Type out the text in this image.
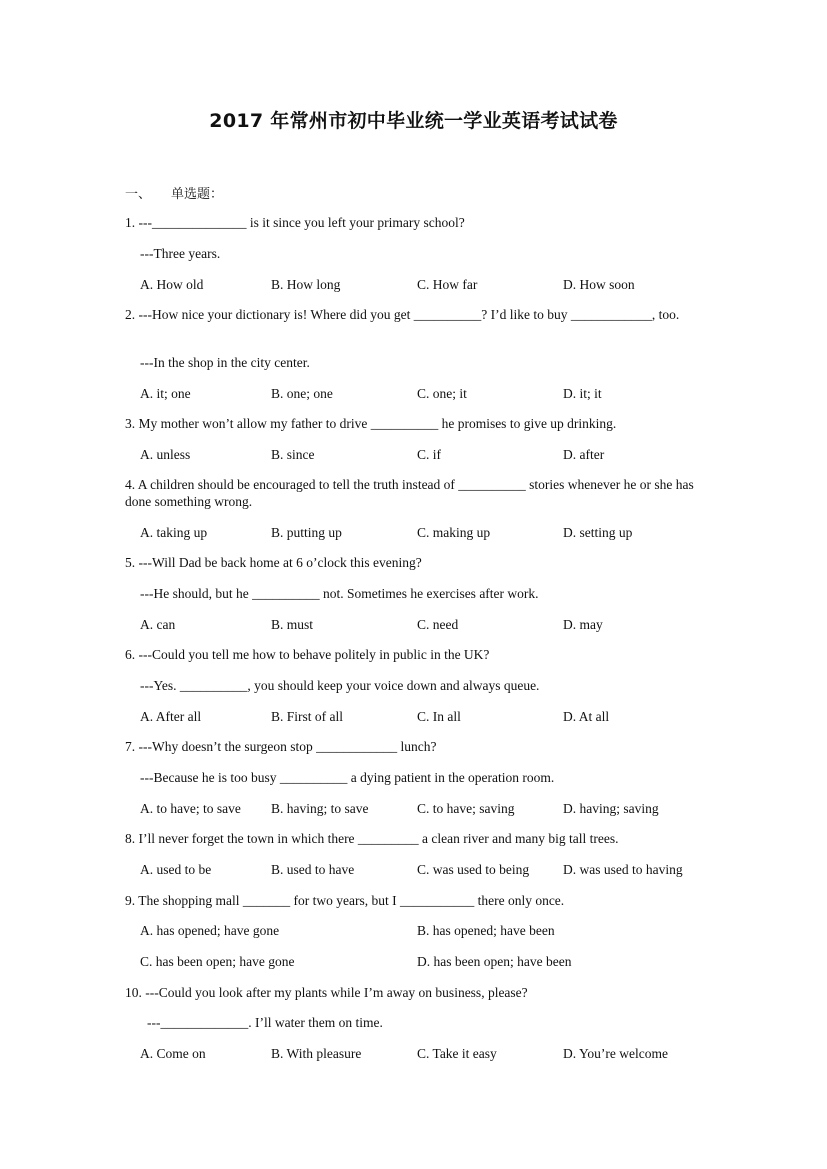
2017 年常州市初中毕业统一学业英语考试试卷
一、 单选题：
1. ---______________ is it since you left your primary school?
---Three years.
A. How old	B. How long	C. How far	D. How soon
2. ---How nice your dictionary is! Where did you get __________? I’d like to buy ____________, too.
---In the shop in the city center.
A. it; one	B. one; one	C. one; it	D. it; it
3. My mother won’t allow my father to drive __________ he promises to give up drinking.
A. unless	B. since	C. if	D. after
4. A children should be encouraged to tell the truth instead of __________ stories whenever he or she has done something wrong.
A. taking up	B. putting up	C. making up	D. setting up
5. ---Will Dad be back home at 6 o’clock this evening?
---He should, but he __________ not. Sometimes he exercises after work.
A. can	B. must	C. need	D. may
6. ---Could you tell me how to behave politely in public in the UK?
---Yes. __________, you should keep your voice down and always queue.
A. After all	B. First of all	C. In all	D. At all
7. ---Why doesn’t the surgeon stop ____________ lunch?
---Because he is too busy __________ a dying patient in the operation room.
A. to have; to save B. having; to save	C. to have; saving	D. having; saving
8. I’ll never forget the town in which there _________ a clean river and many big tall trees.
A. used to be	B. used to have	C. was used to being	D. was used to having
9. The shopping mall _______ for two years, but I ___________ there only once.
A. has opened; have gone	B. has opened; have been
C. has been open; have gone	D. has been open; have been
10. ---Could you look after my plants while I’m away on business, please?
---_____________. I’ll water them on time.
A. Come on	B. With pleasure	C. Take it easy	D. You’re welcome
